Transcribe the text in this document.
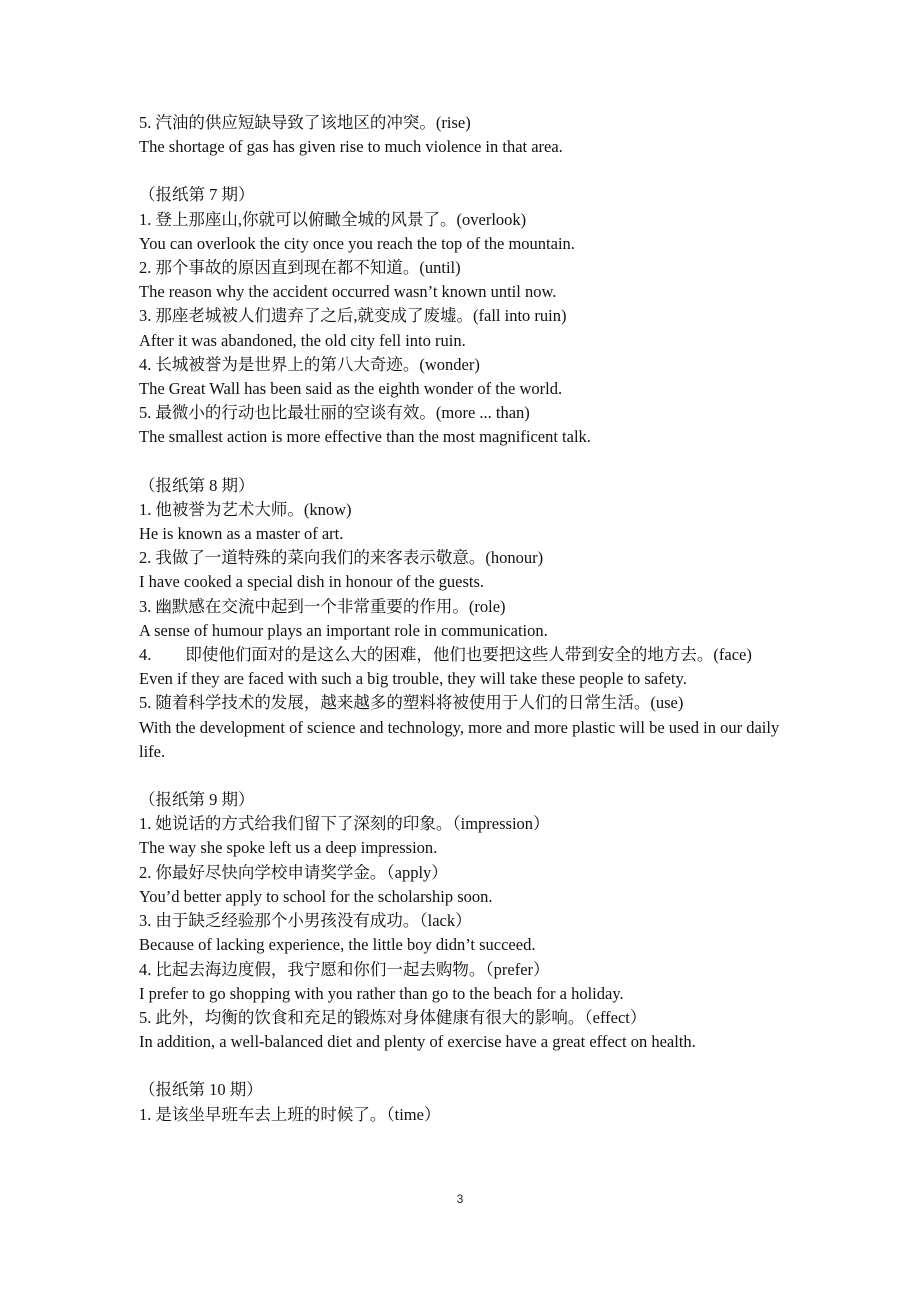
5. 汽油的供应短缺导致了该地区的冲突。(rise)
The shortage of gas has given rise to much violence in that area.
（报纸第 7 期）
1. 登上那座山,你就可以俯瞰全城的风景了。(overlook)
You can overlook the city once you reach the top of the mountain.
2. 那个事故的原因直到现在都不知道。(until)
The reason why the accident occurred wasn’t known until now.
3. 那座老城被人们遗弃了之后,就变成了废墟。(fall into ruin)
After it was abandoned, the old city fell into ruin.
4. 长城被誉为是世界上的第八大奇迹。(wonder)
The Great Wall has been said as the eighth wonder of the world.
5. 最微小的行动也比最壮丽的空谈有效。(more ... than)
The smallest action is more effective than the most magnificent talk.
（报纸第 8 期）
1. 他被誉为艺术大师。(know)
He is known as a master of art.
2. 我做了一道特殊的菜向我们的来客表示敬意。(honour)
I have cooked a special dish in honour of the guests.
3. 幽默感在交流中起到一个非常重要的作用。(role)
A sense of humour plays an important role in communication.
4. 即使他们面对的是这么大的困难，他们也要把这些人带到安全的地方去。(face)
Even if they are faced with such a big trouble, they will take these people to safety.
5. 随着科学技术的发展，越来越多的塑料将被使用于人们的日常生活。(use)
With the development of science and technology, more and more plastic will be used in our daily life.
（报纸第 9 期）
1. 她说话的方式给我们留下了深刻的印象。（impression）
The way she spoke left us a deep impression.
2. 你最好尽快向学校申请奖学金。（apply）
You’d better apply to school for the scholarship soon.
3. 由于缺乏经验那个小男孩没有成功。（lack）
Because of lacking experience, the little boy didn’t succeed.
4. 比起去海边度假，我宁愿和你们一起去购物。（prefer）
I prefer to go shopping with you rather than go to the beach for a holiday.
5. 此外，均衡的饮食和充足的锻炼对身体健康有很大的影响。（effect）
In addition, a well-balanced diet and plenty of exercise have a great effect on health.
（报纸第 10 期）
1. 是该坐早班车去上班的时候了。（time）
3
